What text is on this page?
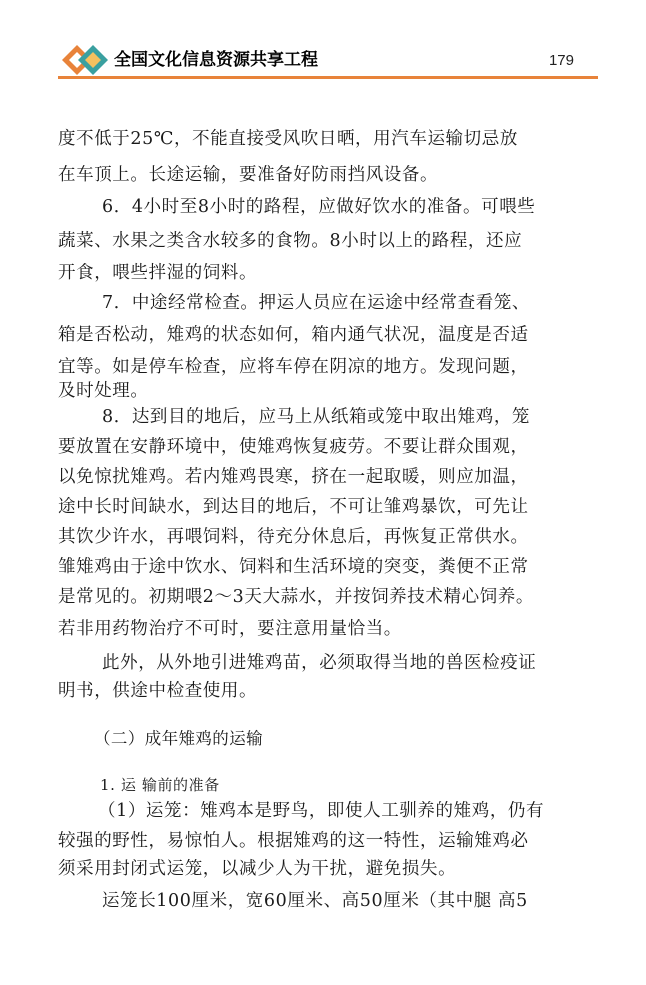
全国文化信息资源共享工程	179
度不低于25℃，不能直接受风吹日晒，用汽车运输切忌放
在车顶上。长途运输，要准备好防雨挡风设备。
6．4小时至8小时的路程，应做好饮水的准备。可喂些
蔬菜、水果之类含水较多的食物。8小时以上的路程，还应
开食，喂些拌湿的饲料。
7．中途经常检查。押运人员应在运途中经常查看笼、
箱是否松动，雉鸡的状态如何，箱内通气状况，温度是否适
宜等。如是停车检查，应将车停在阴凉的地方。发现问题，
及时处理。
8．达到目的地后，应马上从纸箱或笼中取出雉鸡，笼
要放置在安静环境中，使雉鸡恢复疲劳。不要让群众围观，
以免惊扰雉鸡。若内雉鸡畏寒，挤在一起取暖，则应加温，
途中长时间缺水，到达目的地后，不可让雏鸡暴饮，可先让
其饮少许水，再喂饲料，待充分休息后，再恢复正常供水。
雏雉鸡由于途中饮水、饲料和生活环境的突变，粪便不正常
是常见的。初期喂2～3天大蒜水，并按饲养技术精心饲养。
若非用药物治疗不可时，要注意用量恰当。
此外，从外地引进雉鸡苗，必须取得当地的兽医检疫证
明书，供途中检查使用。
（二）成年雉鸡的运输
1. 运 输前的准备
（1）运笼：雉鸡本是野鸟，即使人工驯养的雉鸡，仍有
较强的野性，易惊怕人。根据雉鸡的这一特性，运输雉鸡必
须采用封闭式运笼，以减少人为干扰，避免损失。
运笼长100厘米，宽60厘米、高50厘米（其中腿 高5
